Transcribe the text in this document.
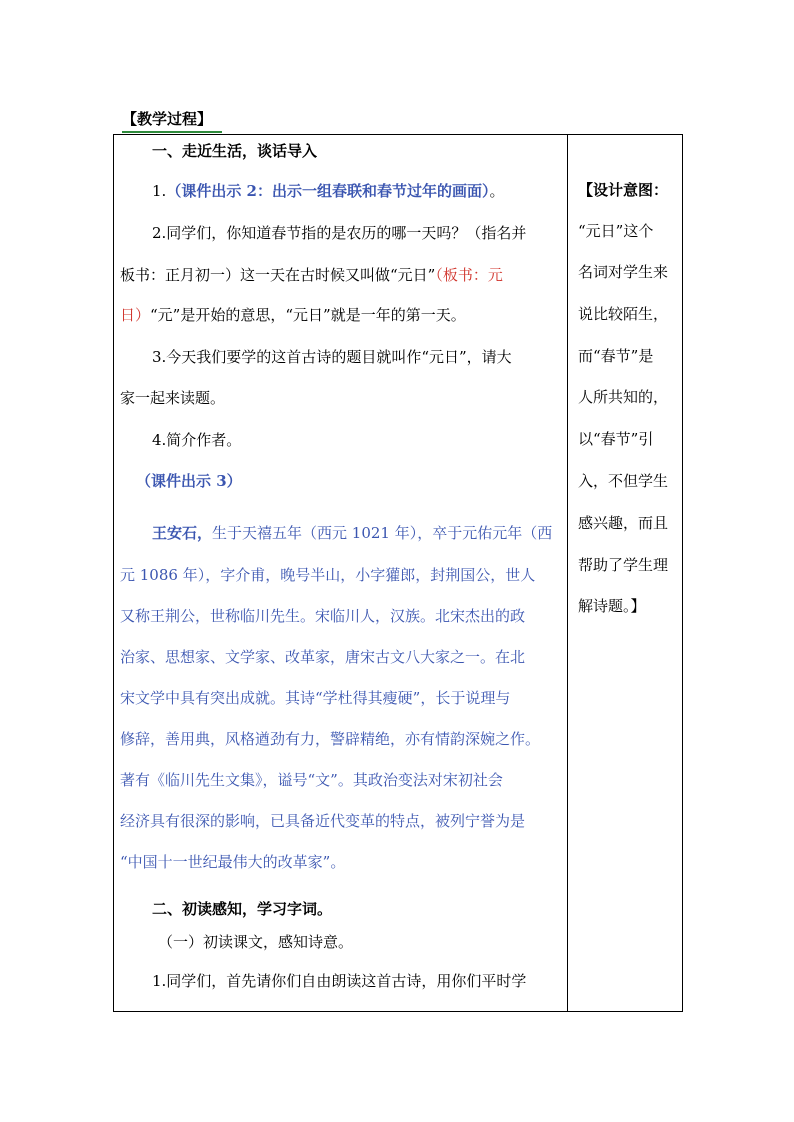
【教学过程】
一、走近生活，谈话导入
1.（课件出示 2：出示一组春联和春节过年的画面）。
2.同学们，你知道春节指的是农历的哪一天吗？（指名并
板书：正月初一）这一天在古时候又叫做“元日”（板书：元
日）“元”是开始的意思，“元日”就是一年的第一天。
3.今天我们要学的这首古诗的题目就叫作“元日”，请大
家一起来读题。
4.简介作者。
（课件出示 3）
王安石，生于天禧五年（西元 1021 年），卒于元佑元年（西
元 1086 年），字介甫，晚号半山，小字獾郎，封荆国公，世人
又称王荆公，世称临川先生。宋临川人，汉族。北宋杰出的政
治家、思想家、文学家、改革家，唐宋古文八大家之一。在北
宋文学中具有突出成就。其诗“学杜得其瘦硬”，长于说理与
修辞，善用典，风格遒劲有力，警辟精绝，亦有情韵深婉之作。
著有《临川先生文集》，谥号“文”。其政治变法对宋初社会
经济具有很深的影响，已具备近代变革的特点，被列宁誉为是
“中国十一世纪最伟大的改革家”。
二、初读感知，学习字词。
（一）初读课文，感知诗意。
1.同学们，首先请你们自由朗读这首古诗，用你们平时学

【设计意图：
“元日”这个
名词对学生来
说比较陌生，
而“春节”是
人所共知的，
以“春节”引
入，不但学生
感兴趣，而且
帮助了学生理
解诗题。】
